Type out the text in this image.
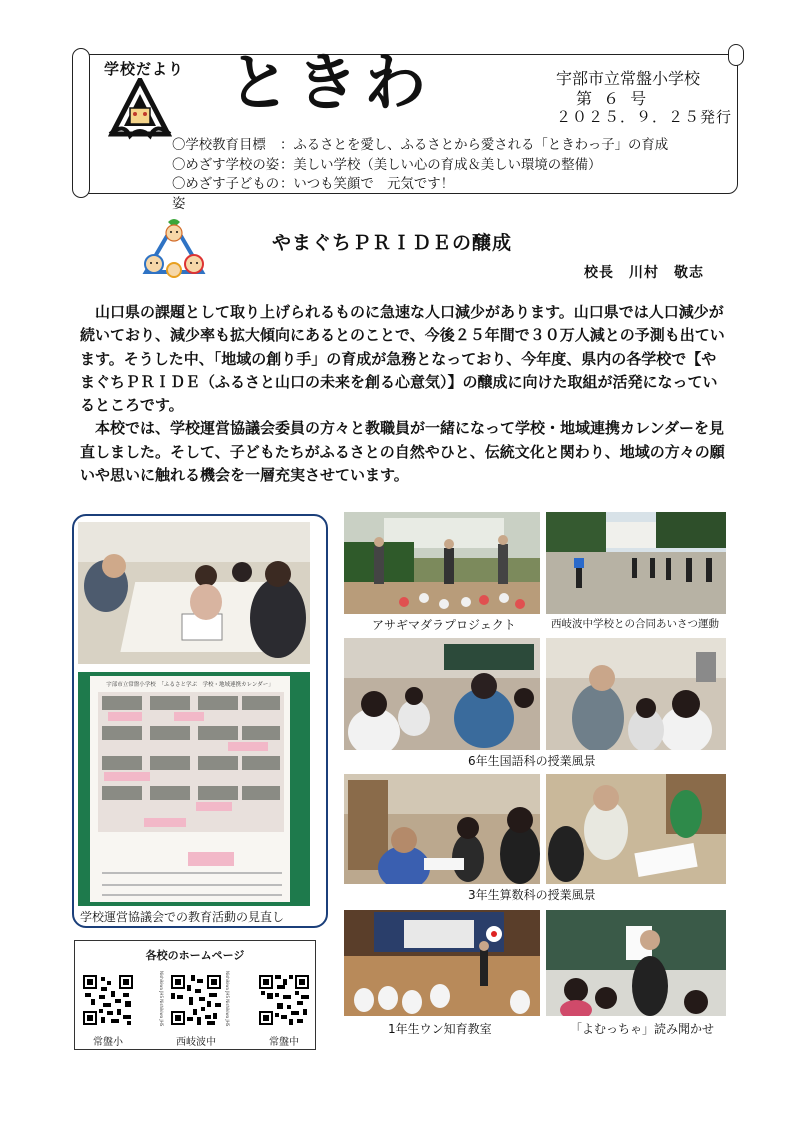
学校だより ときわ	宇部市立常盤小学校
第 ６ 号
２０２５．９．２５発行
〇学校教育目標	：ふるさとを愛し、ふるさとから愛される「ときわっ子」の育成
〇めざす学校の姿 ：美しい学校（美しい心の育成＆美しい環境の整備）
〇めざす子どもの姿
：いつも笑顔で　元気です！
やまぐちＰＲＩＤＥの醸成
校長　川村　敬志

山口県の課題として取り上げられるものに急速な人口減少があります。山口県では人口減少が続いており、減少率も拡大傾向にあるとのことで、今後２５年間で３０万人減との予測も出ています。そうした中、「地域の創り手」の育成が急務となっており、今年度、県内の各学校で【やまぐちＰＲＩＤＥ（ふるさと山口の未来を創る心意気）】の醸成に向けた取組が活発になっているところです。

本校では、学校運営協議会委員の方々と教職員が一緒になって学校・地域連携カレンダーを見直しました。そして、子どもたちがふるさとの自然やひと、伝統文化と関わり、地域の方々の願いや思いに触れる機会を一層充実させています。

宇部市立常盤小学校　「ふるさと学ぶ　学校・地域連携カレンダー」
学校運営協議会での教育活動の見直し
アサギマダラプロジェクト	西岐波中学校との合同あいさつ運動
6年生国語科の授業風景
3年生算数科の授業風景
1年生ウン知育教室	「よむっちゃ」読み聞かせ
各校のホームページ
常盤小	西岐波中	常盤中
Nishikiwa JHS Nishikiwa JHS	Nishikiwa JHS Nishikiwa JHS
